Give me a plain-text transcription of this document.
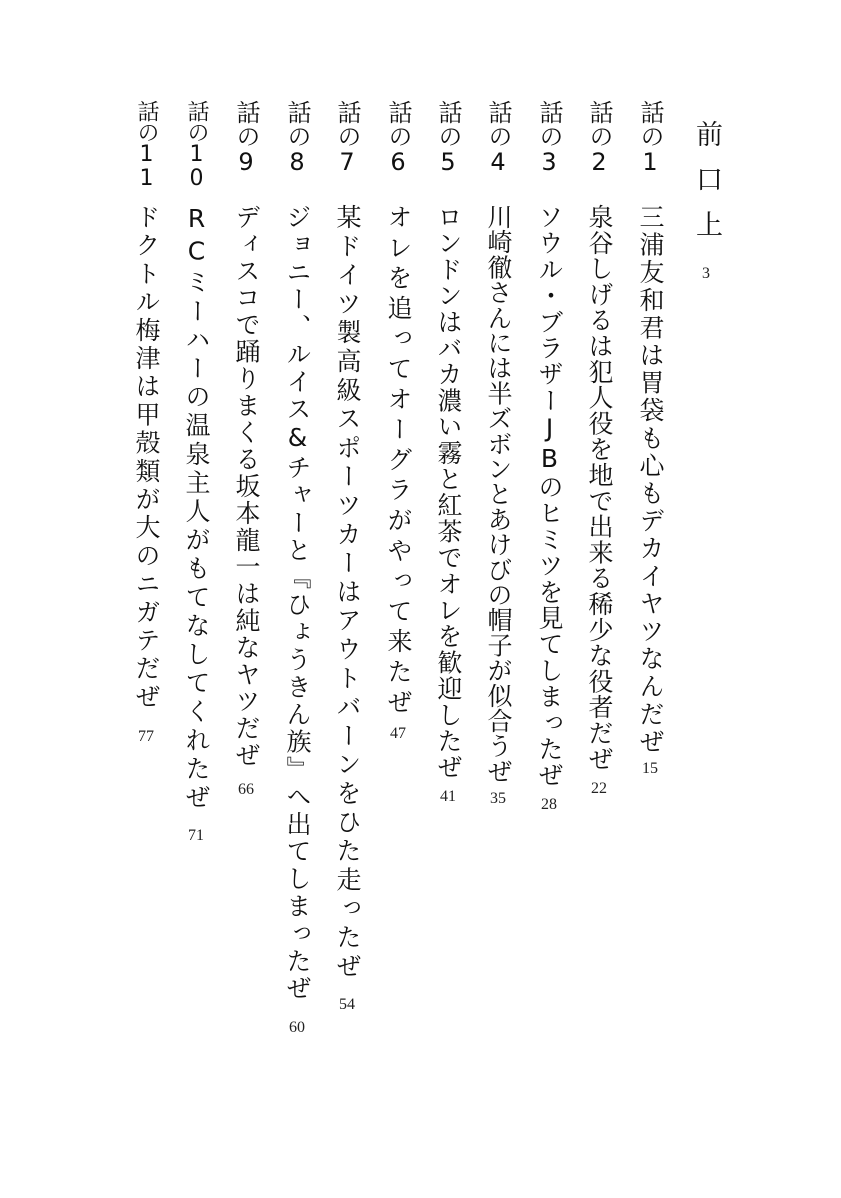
前口上
3
話の1
三浦友和君は胃袋も心もデカイヤツなんだぜ
15
話の2
泉谷しげるは犯人役を地で出来る稀少な役者だぜ
22
話の3
ソウル・ブラザーJBのヒミツを見てしまったぜ
28
話の4
川崎徹さんには半ズボンとあけびの帽子が似合うぜ
35
話の5
ロンドンはバカ濃い霧と紅茶でオレを歓迎したぜ
41
話の6
オレを追ってオーグラがやって来たぜ
47
話の7
某ドイツ製高級スポーツカーはアウトバーンをひた走ったぜ
54
話の8
ジョニー、ルイス&チャーと『ひょうきん族』へ出てしまったぜ
60
話の9
ディスコで踊りまくる坂本龍一は純なヤツだぜ
66
話の10
RCミーハーの温泉主人がもてなしてくれたぜ
71
話の11
ドクトル梅津は甲殻類が大のニガテだぜ
77
